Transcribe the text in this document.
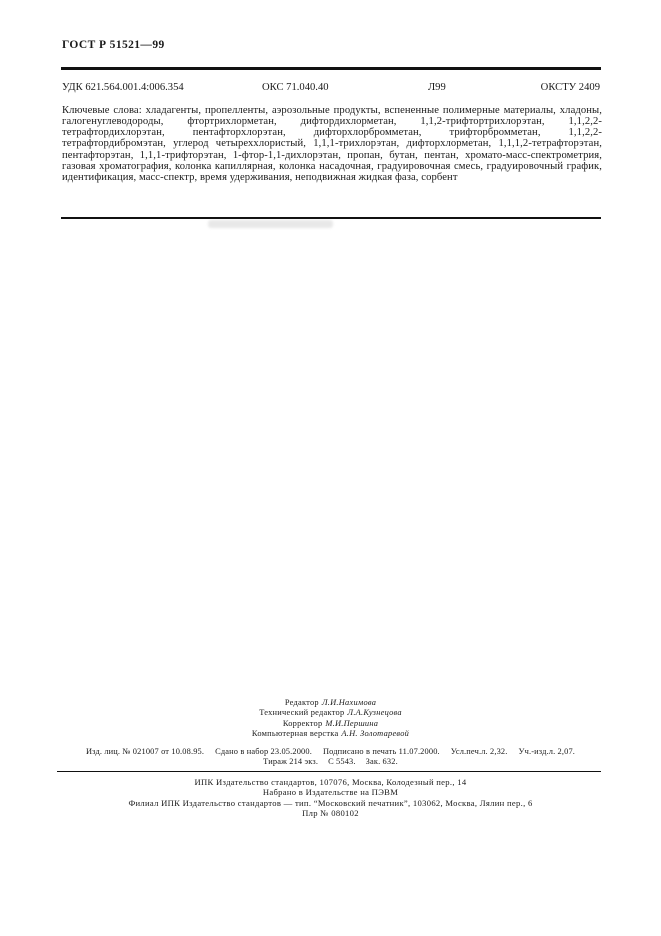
ГОСТ Р 51521—99
УДК 621.564.001.4:006.354	ОКС 71.040.40	Л99	ОКСТУ 2409
Ключевые слова: хладагенты, пропелленты, аэрозольные продукты, вспененные полимерные материалы, хладоны, галогенуглеводороды, фтортрихлорметан, дифтордихлорметан, 1,1,2-трифтортрихлорэтан, 1,1,2,2-тетрафтордихлорэтан, пентафторхлорэтан, дифторхлорбромметан, трифторбромметан, 1,1,2,2-тетрафтордибромэтан, углерод четыреххлористый, 1,1,1-трихлорэтан, дифторхлорметан, 1,1,1,2-тетрафторэтан, пентафторэтан, 1,1,1-трифторэтан, 1-фтор-1,1-дихлорэтан, пропан, бутан, пентан, хромато-масс-спектрометрия, газовая хроматография, колонка капиллярная, колонка насадочная, градуировочная смесь, градуировочный график, идентификация, масс-спектр, время удерживания, неподвижная жидкая фаза, сорбент
Редактор Л.И.Нахимова
Технический редактор Л.А.Кузнецова
Корректор М.И.Першина
Компьютерная верстка А.Н. Золотаревой
Изд. лиц. № 021007 от 10.08.95. Сдано в набор 23.05.2000. Подписано в печать 11.07.2000. Усл.печ.л. 2,32. Уч.-изд.л. 2,07.
Тираж 214 экз. С 5543. Зак. 632.
ИПК Издательство стандартов, 107076, Москва, Колодезный пер., 14
Набрано в Издательстве на ПЭВМ
Филиал ИПК Издательство стандартов — тип. “Московский печатник”, 103062, Москва, Лялин пер., 6
Плр № 080102
